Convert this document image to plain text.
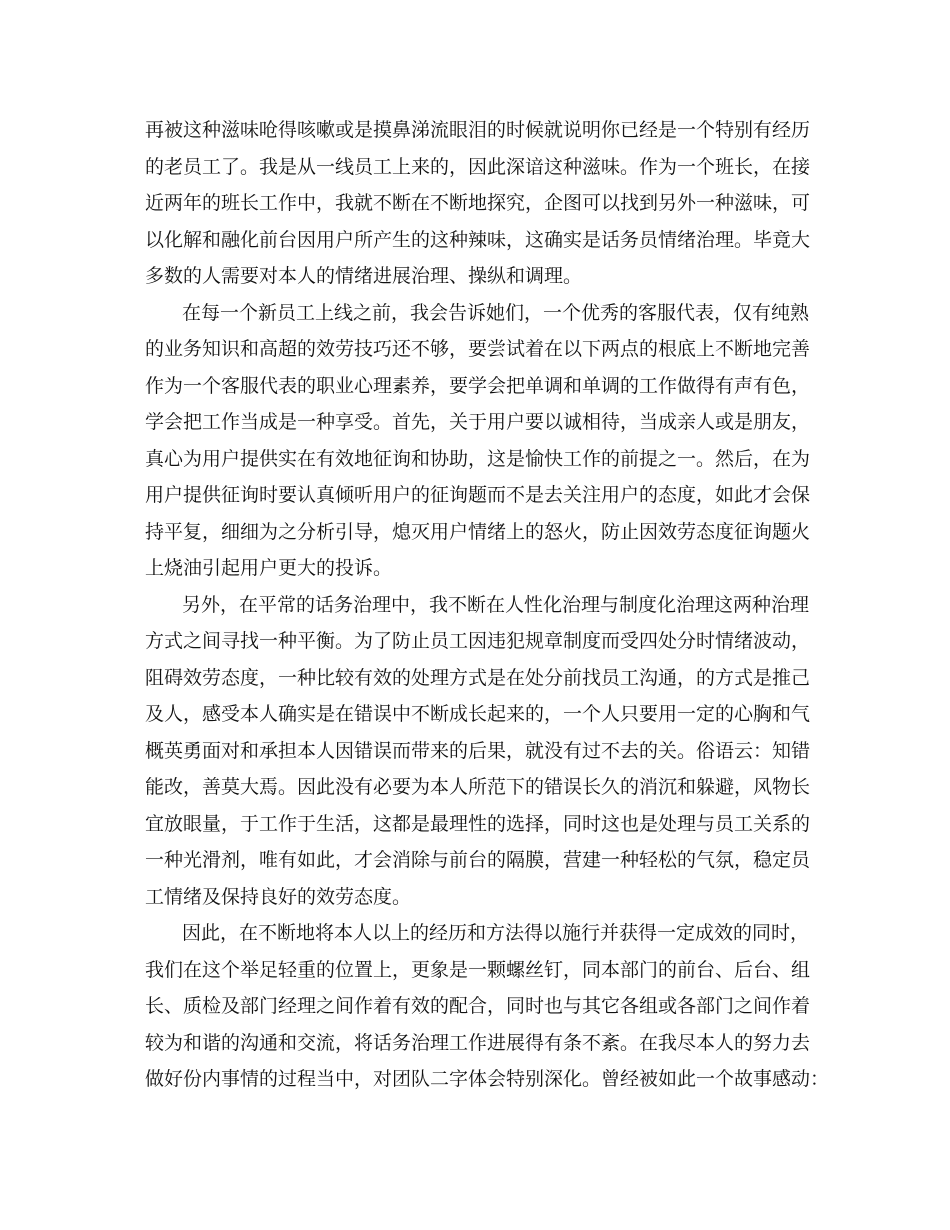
再被这种滋味呛得咳嗽或是摸鼻涕流眼泪的时候就说明你已经是一个特别有经历
的老员工了。我是从一线员工上来的，因此深谙这种滋味。作为一个班长，在接
近两年的班长工作中，我就不断在不断地探究，企图可以找到另外一种滋味，可
以化解和融化前台因用户所产生的这种辣味，这确实是话务员情绪治理。毕竟大
多数的人需要对本人的情绪进展治理、操纵和调理。
在每一个新员工上线之前，我会告诉她们，一个优秀的客服代表，仅有纯熟
的业务知识和高超的效劳技巧还不够，要尝试着在以下两点的根底上不断地完善
作为一个客服代表的职业心理素养，要学会把单调和单调的工作做得有声有色，
学会把工作当成是一种享受。首先，关于用户要以诚相待，当成亲人或是朋友，
真心为用户提供实在有效地征询和协助，这是愉快工作的前提之一。然后，在为
用户提供征询时要认真倾听用户的征询题而不是去关注用户的态度，如此才会保
持平复，细细为之分析引导，熄灭用户情绪上的怒火，防止因效劳态度征询题火
上烧油引起用户更大的投诉。
另外，在平常的话务治理中，我不断在人性化治理与制度化治理这两种治理
方式之间寻找一种平衡。为了防止员工因违犯规章制度而受四处分时情绪波动，
阻碍效劳态度，一种比较有效的处理方式是在处分前找员工沟通，的方式是推己
及人，感受本人确实是在错误中不断成长起来的，一个人只要用一定的心胸和气
概英勇面对和承担本人因错误而带来的后果，就没有过不去的关。俗语云：知错
能改，善莫大焉。因此没有必要为本人所范下的错误长久的消沉和躲避，风物长
宜放眼量，于工作于生活，这都是最理性的选择，同时这也是处理与员工关系的
一种光滑剂，唯有如此，才会消除与前台的隔膜，营建一种轻松的气氛，稳定员
工情绪及保持良好的效劳态度。
因此，在不断地将本人以上的经历和方法得以施行并获得一定成效的同时，
我们在这个举足轻重的位置上，更象是一颗螺丝钉，同本部门的前台、后台、组
长、质检及部门经理之间作着有效的配合，同时也与其它各组或各部门之间作着
较为和谐的沟通和交流，将话务治理工作进展得有条不紊。在我尽本人的努力去
做好份内事情的过程当中，对团队二字体会特别深化。曾经被如此一个故事感动：
